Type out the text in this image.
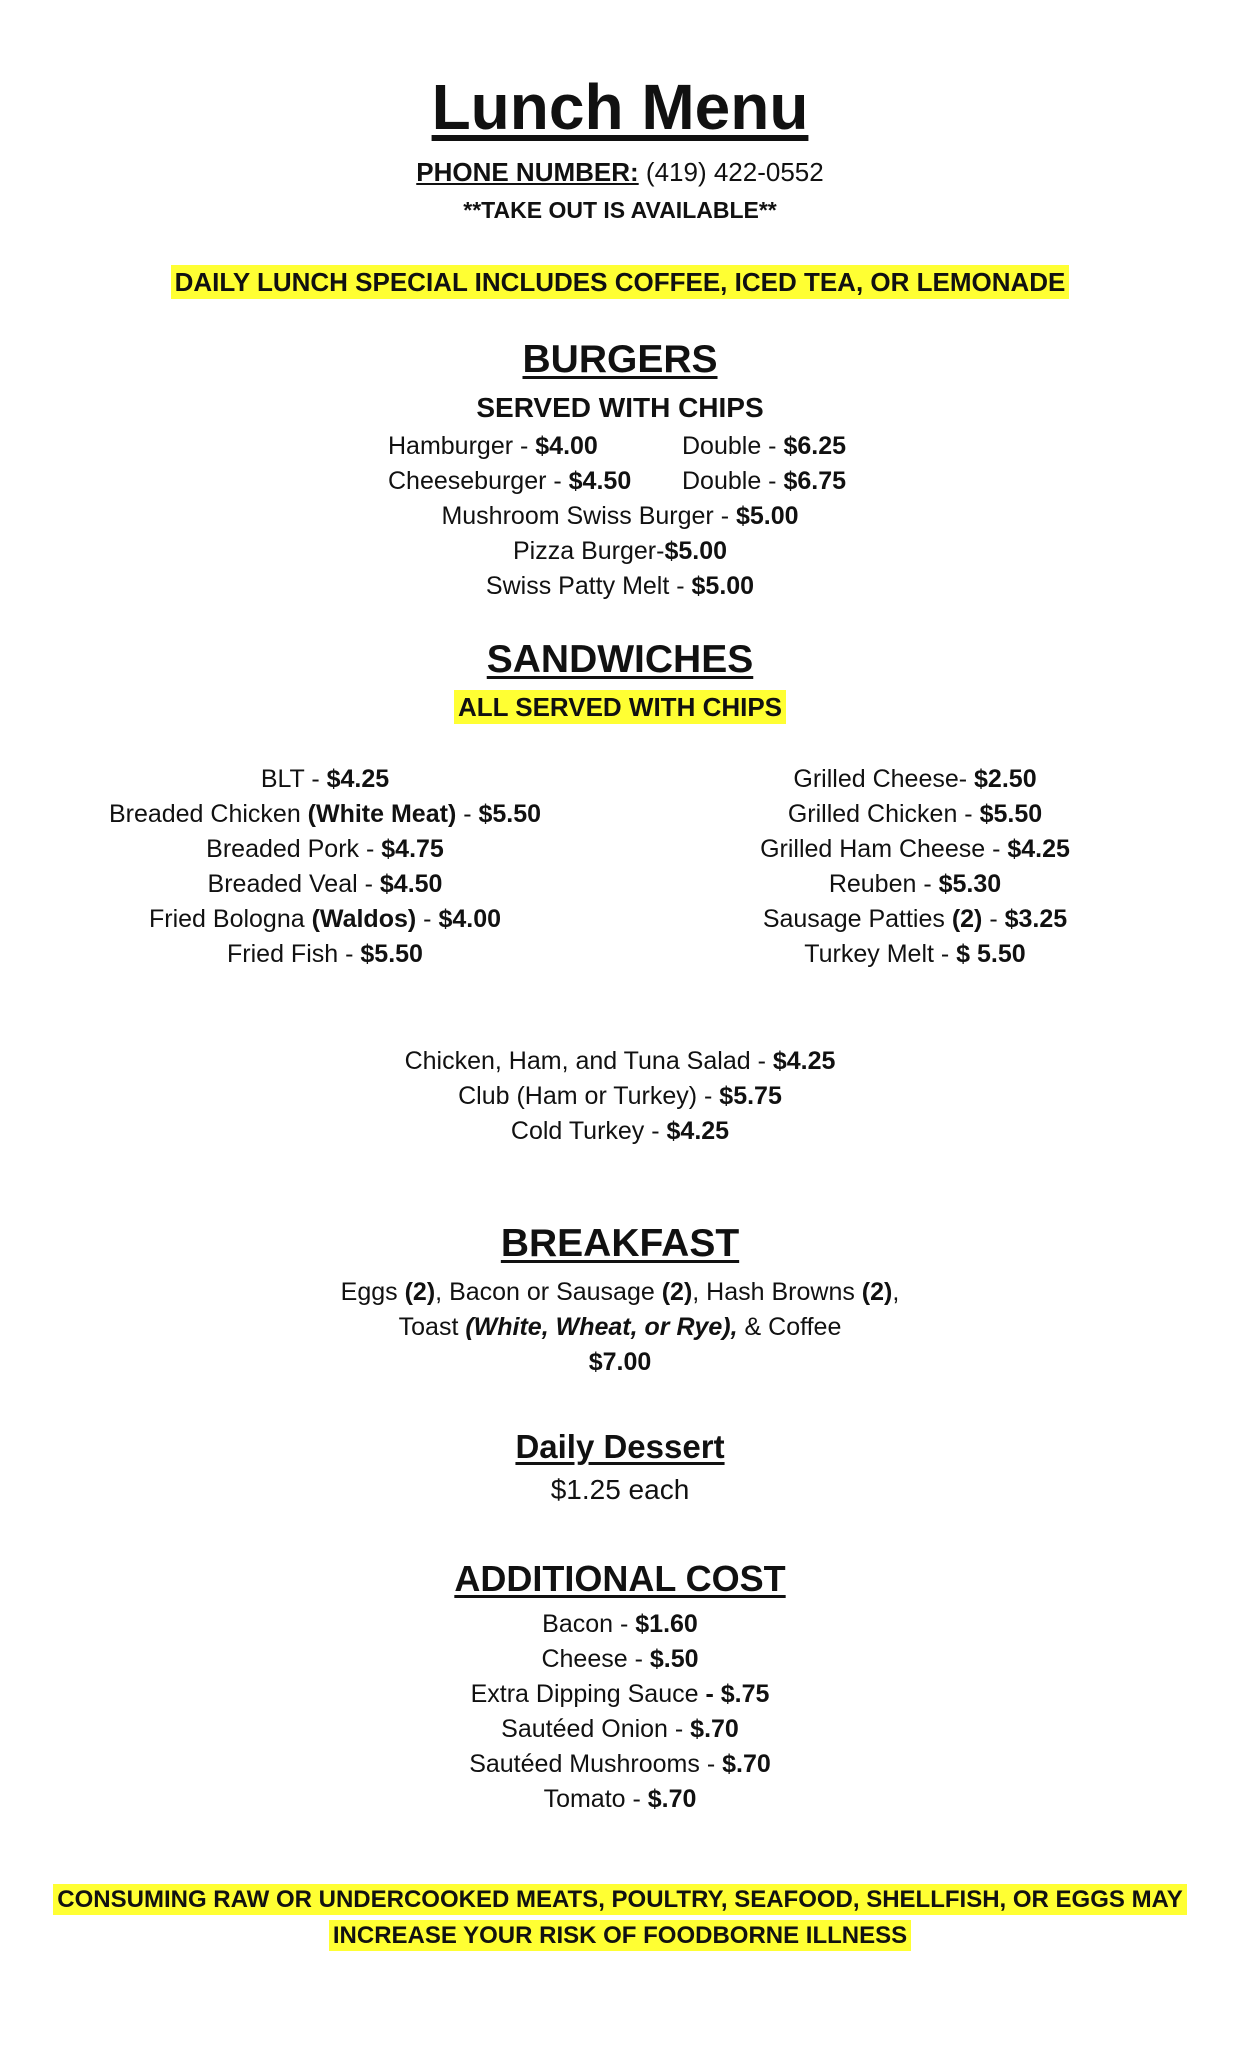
Lunch Menu
PHONE NUMBER: (419) 422-0552
**TAKE OUT IS AVAILABLE**
DAILY LUNCH SPECIAL INCLUDES COFFEE, ICED TEA, OR LEMONADE
BURGERS
SERVED WITH CHIPS
Hamburger - $4.00	Double - $6.25
Cheeseburger - $4.50 Double - $6.75
Mushroom Swiss Burger - $5.00
Pizza Burger-$5.00
Swiss Patty Melt - $5.00
SANDWICHES
ALL SERVED WITH CHIPS
BLT - $4.25
Breaded Chicken (White Meat) - $5.50
Breaded Pork - $4.75
Breaded Veal - $4.50
Fried Bologna (Waldos) - $4.00
Fried Fish - $5.50
Grilled Cheese- $2.50
Grilled Chicken - $5.50
Grilled Ham Cheese - $4.25
Reuben - $5.30
Sausage Patties (2) - $3.25
Turkey Melt - $ 5.50
Chicken, Ham, and Tuna Salad - $4.25
Club (Ham or Turkey) - $5.75
Cold Turkey - $4.25
BREAKFAST
Eggs (2), Bacon or Sausage (2), Hash Browns (2),
Toast (White, Wheat, or Rye), & Coffee
$7.00
Daily Dessert
$1.25 each
ADDITIONAL COST
Bacon - $1.60
Cheese - $.50
Extra Dipping Sauce - $.75
Sautéed Onion - $.70
Sautéed Mushrooms - $.70
Tomato - $.70
CONSUMING RAW OR UNDERCOOKED MEATS, POULTRY, SEAFOOD, SHELLFISH, OR EGGS MAY
INCREASE YOUR RISK OF FOODBORNE ILLNESS
